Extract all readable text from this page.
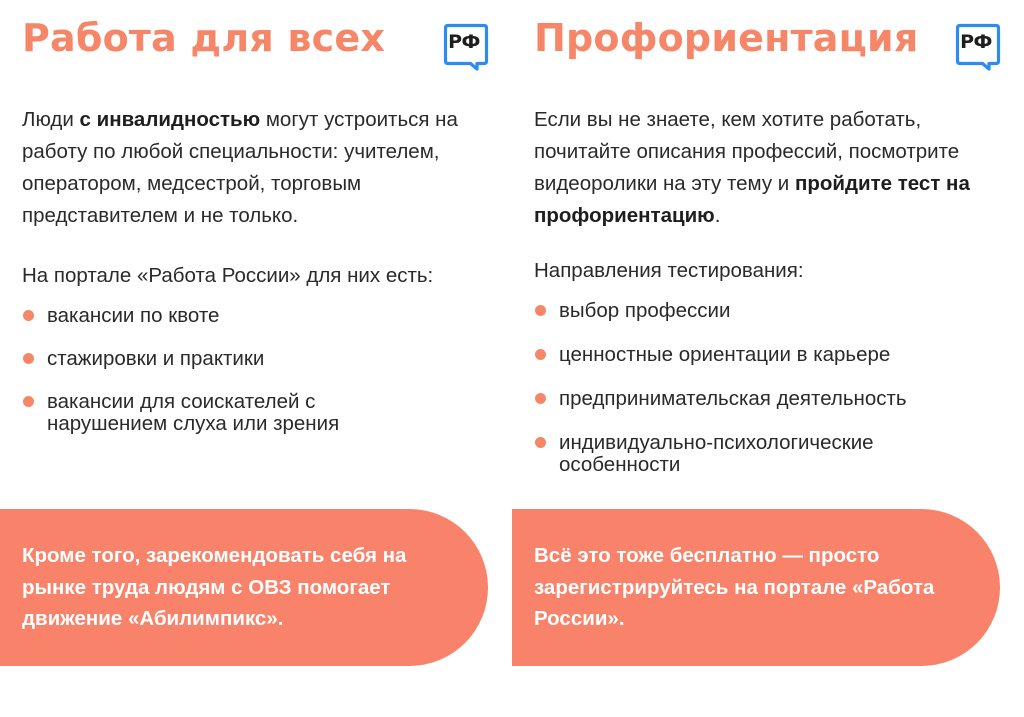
Работа для всех	РФ

Люди с инвалидностью могут устроиться на работу по любой специальности: учителем, оператором, медсестрой, торговым представителем и не только.

На портале «Работа России» для них есть:

вакансии по квоте
стажировки и практики
вакансии для соискателей с нарушением слуха или зрения

Кроме того, зарекомендовать себя на рынке труда людям с ОВЗ помогает движение «Абилимпикс».

Профориентация РФ

Если вы не знаете, кем хотите работать, почитайте описания профессий, посмотрите видеоролики на эту тему и пройдите тест на профориентацию.

Направления тестирования:

выбор профессии
ценностные ориентации в карьере
предпринимательская деятельность
индивидуально-психологические особенности

Всё это тоже бесплатно — просто зарегистрируйтесь на портале «Работа России».
